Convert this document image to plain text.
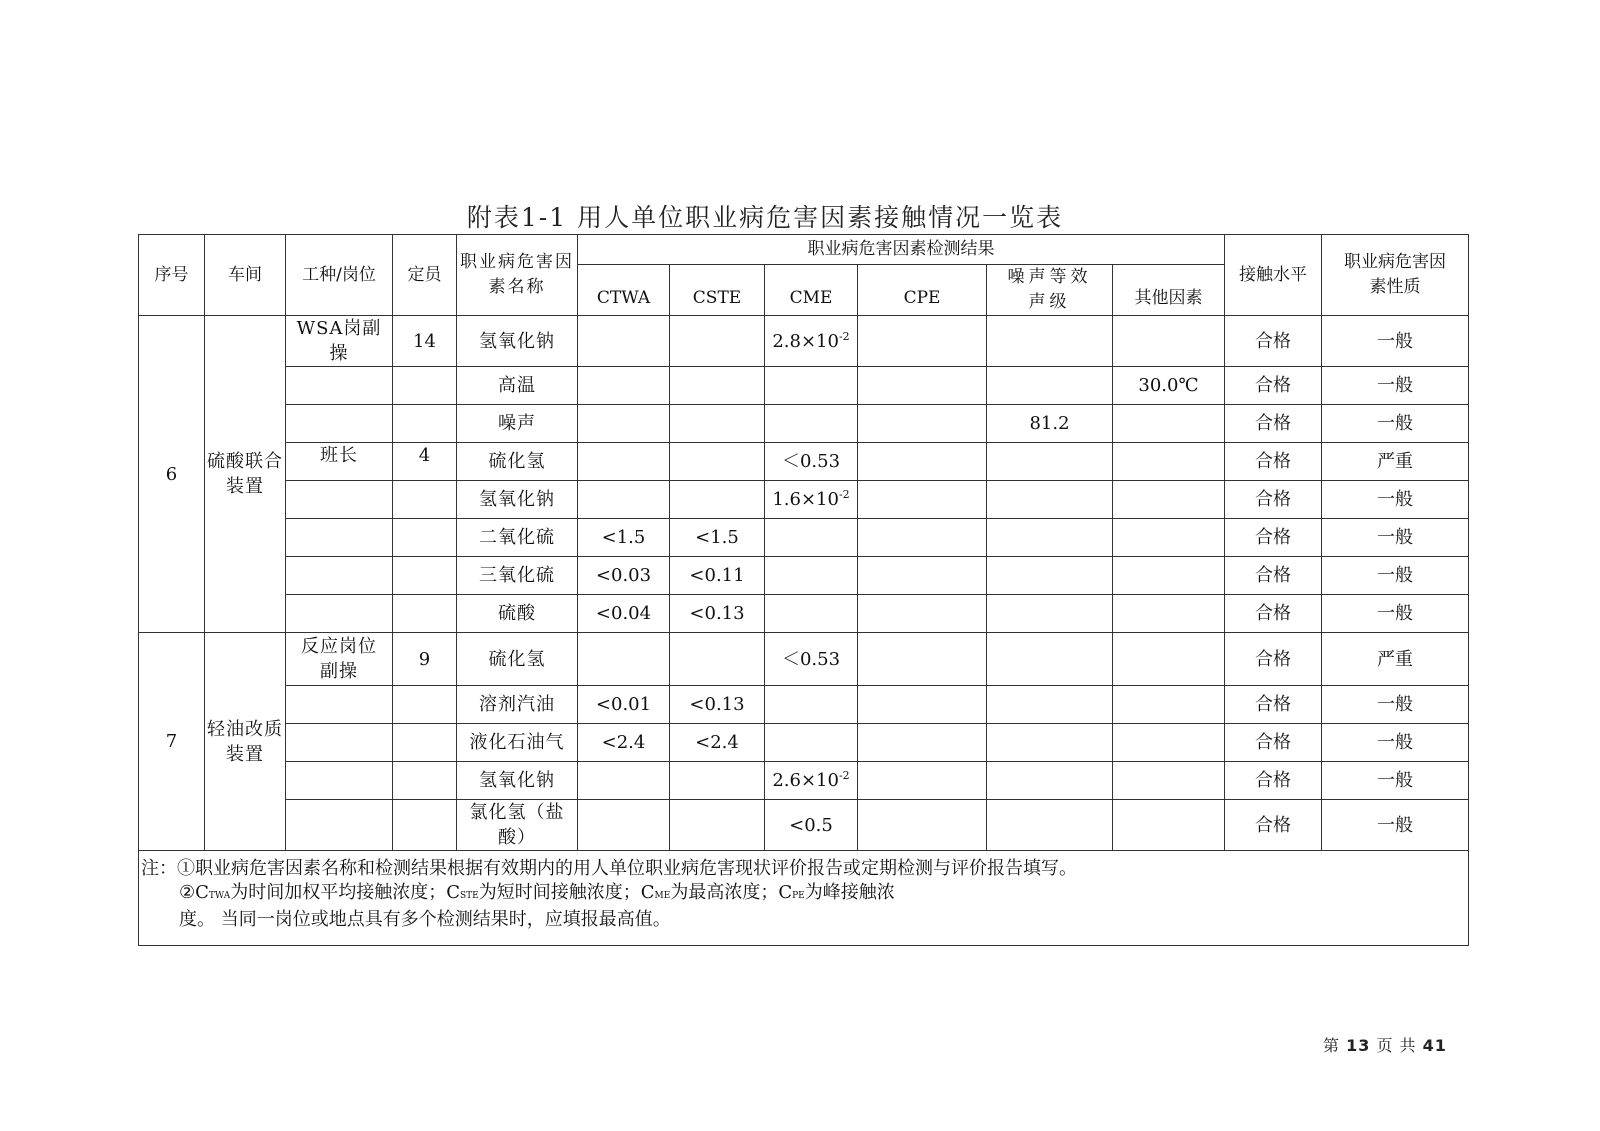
附表1-1 用人单位职业病危害因素接触情况一览表
序号	车间	工种/岗位	定员	职业病危害因素名称	职业病危害因素检测结果						接触水平	职业病危害因素性质
					CTWA	CSTE	CME	CPE	噪声等效声级	其他因素		
6	硫酸联合装置	WSA岗副操	14	氢氧化钠			$2.8\times 10^{-2}$				合格	一般
				高温						30.0℃	合格	一般
				噪声					81.2		合格	一般
		班长	4	硫化氢			＜0.53				合格	严重
				氢氧化钠			$1.6\times 10^{-2}$				合格	一般
				二氧化硫	<1.5	<1.5					合格	一般
				三氧化硫	<0.03	<0.11					合格	一般
				硫酸	<0.04	<0.13					合格	一般
7	轻油改质装置	反应岗位副操	9	硫化氢			＜0.53				合格	严重
				溶剂汽油	<0.01	<0.13					合格	一般
				液化石油气	<2.4	<2.4					合格	一般
				氢氧化钠			$2.6\times 10^{-2}$				合格	一般
				氯化氢（盐酸）			<0.5				合格	一般

注：①职业病危害因素名称和检测结果根据有效期内的用人单位职业病危害现状评价报告或定期检测与评价报告填写。
②CTWA为时间加权平均接触浓度；CSTE为短时间接触浓度；CME为最高浓度；CPE为峰接触浓
度。 当同一岗位或地点具有多个检测结果时，应填报最高值。												
第 13 页 共 41
